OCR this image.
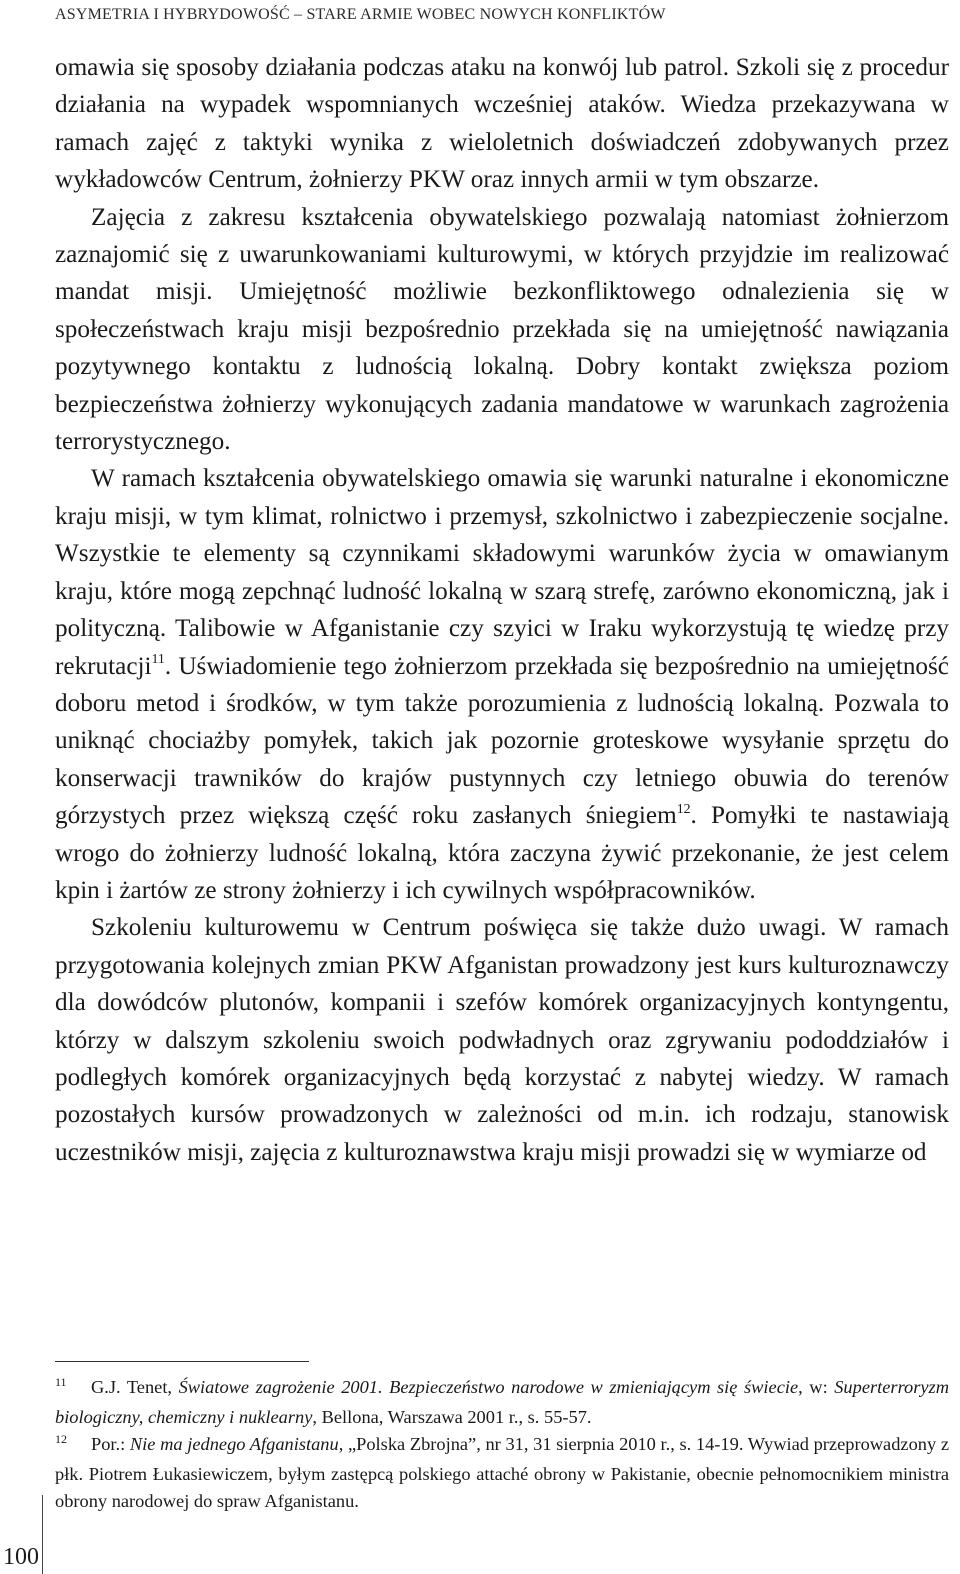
ASYMETRIA I HYBRYDOWOŚĆ – STARE ARMIE WOBEC NOWYCH KONFLIKTÓW

omawia się sposoby działania podczas ataku na konwój lub patrol. Szkoli się z procedur działania na wypadek wspomnianych wcześniej ataków. Wiedza przekazywana w ramach zajęć z taktyki wynika z wieloletnich doświadczeń zdobywanych przez wykładowców Centrum, żołnierzy PKW oraz innych armii w tym obszarze.

Zajęcia z zakresu kształcenia obywatelskiego pozwalają natomiast żołnierzom zaznajomić się z uwarunkowaniami kulturowymi, w których przyjdzie im realizować mandat misji. Umiejętność możliwie bezkonfliktowego odnalezienia się w społeczeństwach kraju misji bezpośrednio przekłada się na umiejętność nawiązania pozytywnego kontaktu z ludnością lokalną. Dobry kontakt zwiększa poziom bezpieczeństwa żołnierzy wykonujących zadania mandatowe w warunkach zagrożenia terrorystycznego.

W ramach kształcenia obywatelskiego omawia się warunki naturalne i ekonomiczne kraju misji, w tym klimat, rolnictwo i przemysł, szkolnictwo i zabezpieczenie socjalne. Wszystkie te elementy są czynnikami składowymi warunków życia w omawianym kraju, które mogą zepchnąć ludność lokalną w szarą strefę, zarówno ekonomiczną, jak i polityczną. Talibowie w Afganistanie czy szyici w Iraku wykorzystują tę wiedzę przy rekrutacji$^{11}$. Uświadomienie tego żołnierzom przekłada się bezpośrednio na umiejętność doboru metod i środków, w tym także porozumienia z ludnością lokalną. Pozwala to uniknąć chociażby pomyłek, takich jak pozornie groteskowe wysyłanie sprzętu do konserwacji trawników do krajów pustynnych czy letniego obuwia do terenów górzystych przez większą część roku zasłanych śniegiem$^{12}$. Pomyłki te nastawiają wrogo do żołnierzy ludność lokalną, która zaczyna żywić przekonanie, że jest celem kpin i żartów ze strony żołnierzy i ich cywilnych współpracowników.

Szkoleniu kulturowemu w Centrum poświęca się także dużo uwagi. W ramach przygotowania kolejnych zmian PKW Afganistan prowadzony jest kurs kulturoznawczy dla dowódców plutonów, kompanii i szefów komórek organizacyjnych kontyngentu, którzy w dalszym szkoleniu swoich podwładnych oraz zgrywaniu pododdziałów i podległych komórek organizacyjnych będą korzystać z nabytej wiedzy. W ramach pozostałych kursów prowadzonych w zależności od m.in. ich rodzaju, stanowisk uczestników misji, zajęcia z kulturoznawstwa kraju misji prowadzi się w wymiarze od

11 G.J. Tenet, Światowe zagrożenie 2001. Bezpieczeństwo narodowe w zmieniającym się świecie, w: Superterroryzm biologiczny, chemiczny i nuklearny, Bellona, Warszawa 2001 r., s. 55-57.

12 Por.: Nie ma jednego Afganistanu, „Polska Zbrojna”, nr 31, 31 sierpnia 2010 r., s. 14-19. Wywiad przeprowadzony z płk. Piotrem Łukasiewiczem, byłym zastępcą polskiego attaché obrony w Pakistanie, obecnie pełnomocnikiem ministra obrony narodowej do spraw Afganistanu.

100
